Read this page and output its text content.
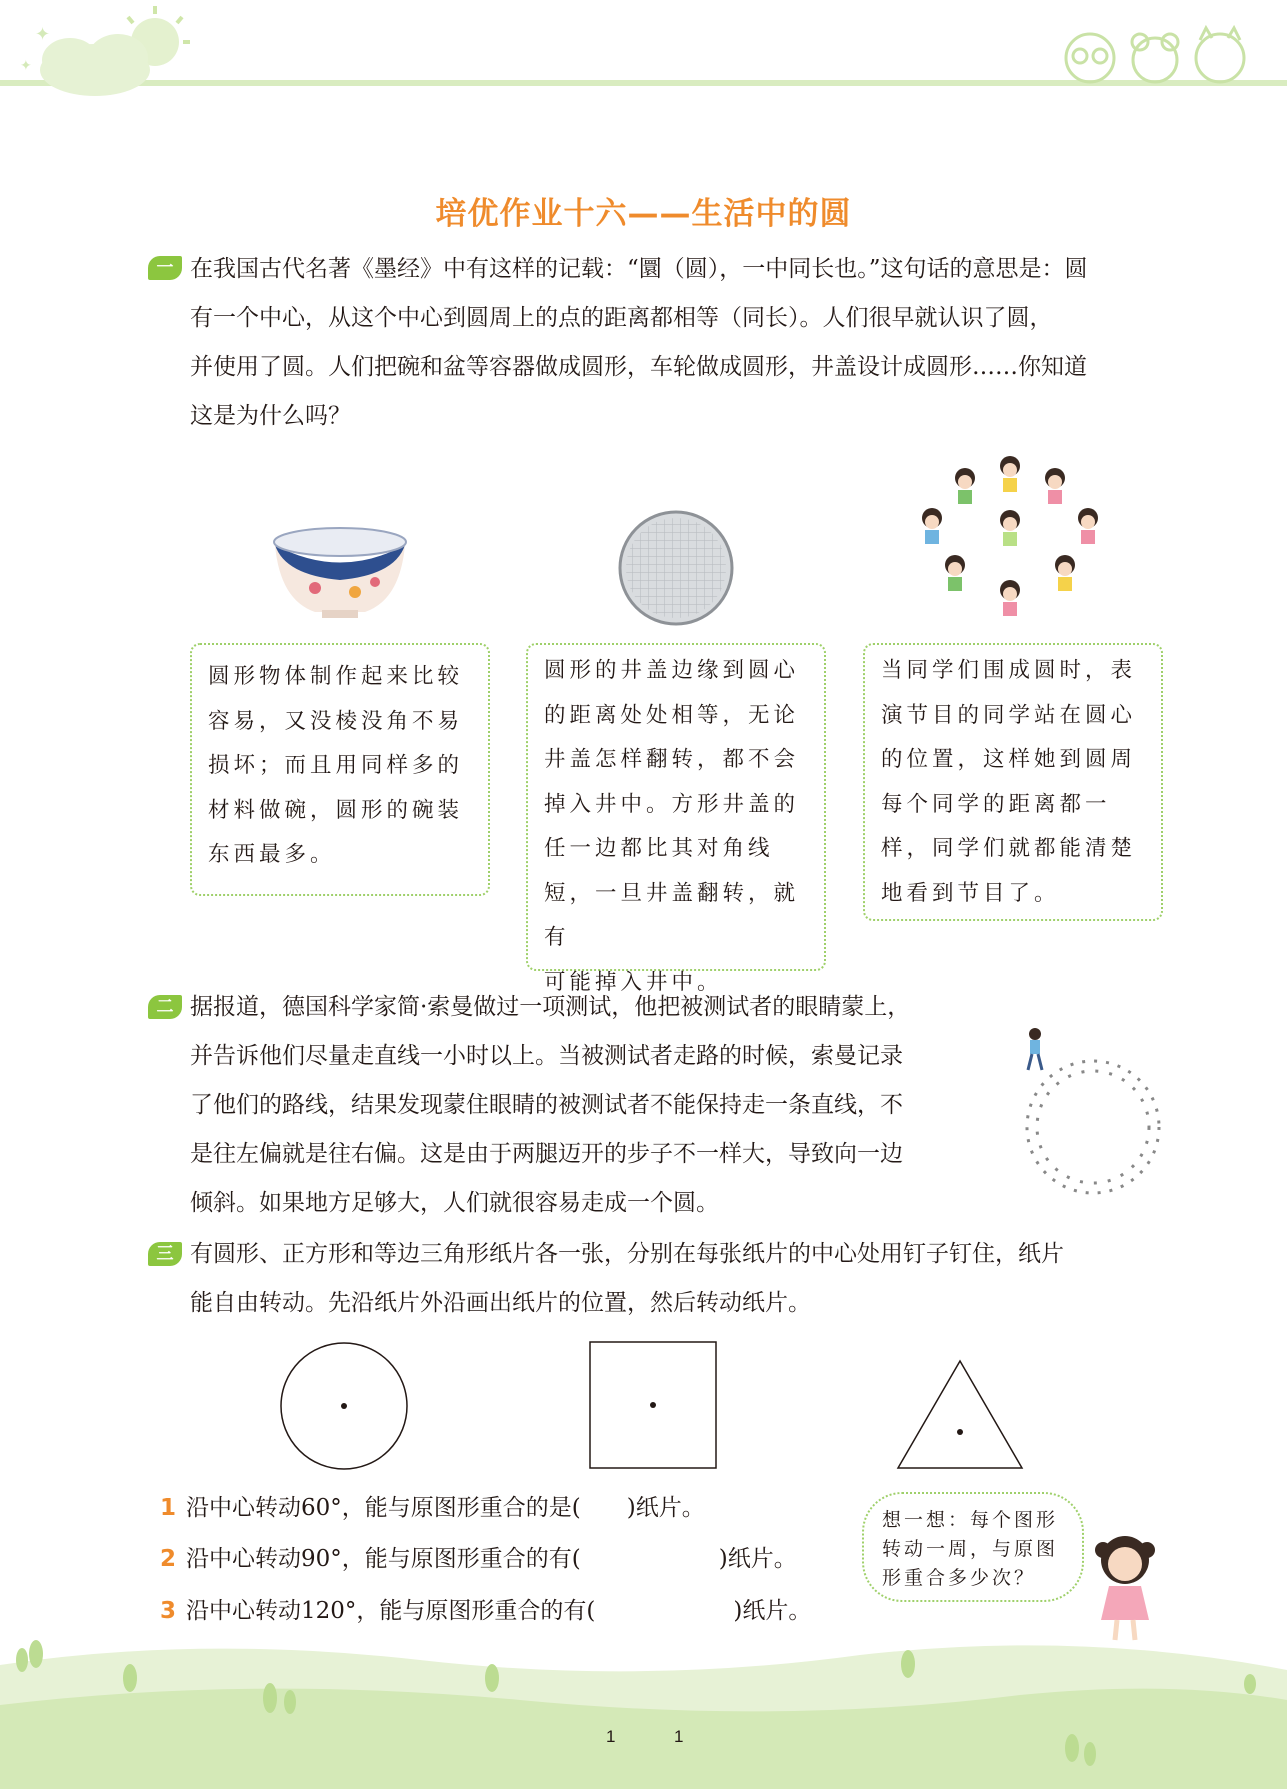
✦
✦
培优作业十六——生活中的圆
一 在我国古代名著《墨经》中有这样的记载：“圜（圆），一中同长也。”这句话的意思是：圆
有一个中心，从这个中心到圆周上的点的距离都相等（同长）。人们很早就认识了圆，
并使用了圆。人们把碗和盆等容器做成圆形，车轮做成圆形，井盖设计成圆形……你知道
这是为什么吗？
圆形物体制作起来比较
容易，又没棱没角不易
损坏；而且用同样多的
材料做碗，圆形的碗装
东西最多。
圆形的井盖边缘到圆心
的距离处处相等，无论
井盖怎样翻转，都不会
掉入井中。方形井盖的
任一边都比其对角线
短，一旦井盖翻转，就有
可能掉入井中。
当同学们围成圆时，表
演节目的同学站在圆心
的位置，这样她到圆周
每个同学的距离都一
样，同学们就都能清楚
地看到节目了。
二 据报道，德国科学家简·索曼做过一项测试，他把被测试者的眼睛蒙上，
并告诉他们尽量走直线一小时以上。当被测试者走路的时候，索曼记录
了他们的路线，结果发现蒙住眼睛的被测试者不能保持走一条直线，不
是往左偏就是往右偏。这是由于两腿迈开的步子不一样大，导致向一边
倾斜。如果地方足够大，人们就很容易走成一个圆。
三 有圆形、正方形和等边三角形纸片各一张，分别在每张纸片的中心处用钉子钉住，纸片
能自由转动。先沿纸片外沿画出纸片的位置，然后转动纸片。
1 沿中心转动60°，能与原图形重合的是(　　)纸片。
2 沿中心转动90°，能与原图形重合的有(　　　　　　)纸片。
3 沿中心转动120°，能与原图形重合的有(　　　　　　)纸片。
想一想：每个图形
转动一周，与原图
形重合多少次？
1	1
